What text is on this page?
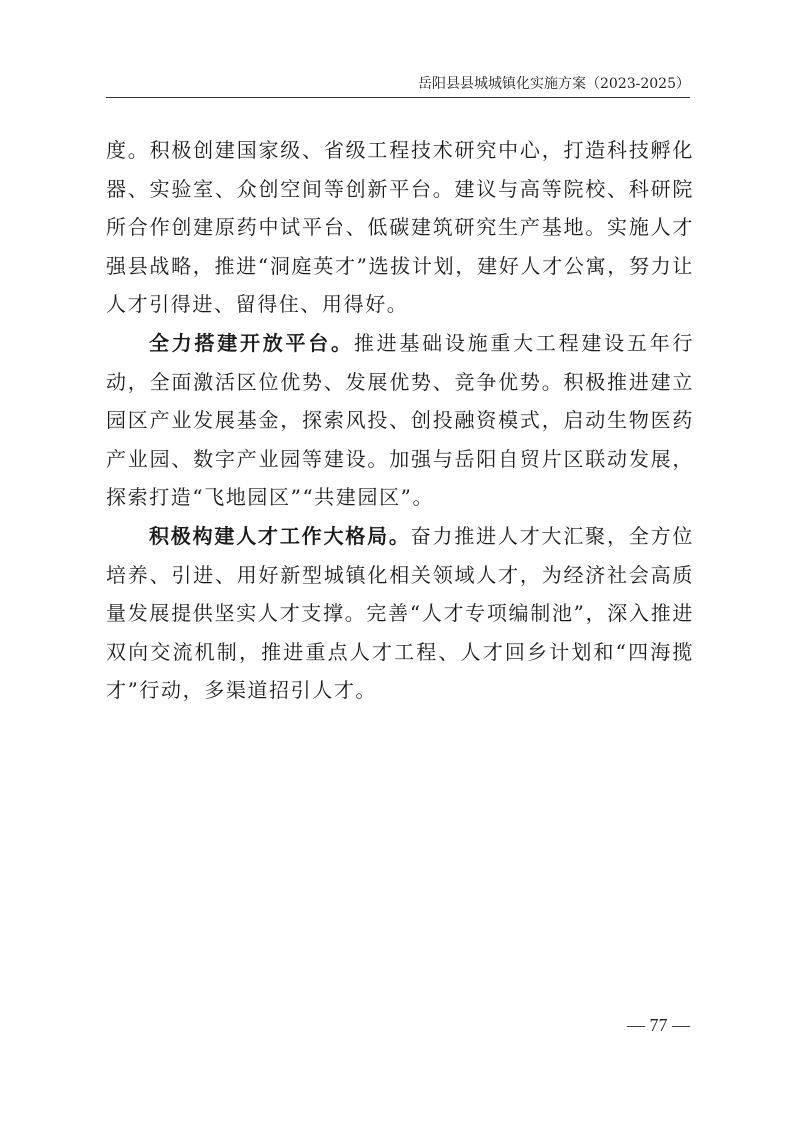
岳阳县县城城镇化实施方案（2023-2025）

度。积极创建国家级、省级工程技术研究中心，打造科技孵化器、实验室、众创空间等创新平台。建议与高等院校、科研院所合作创建原药中试平台、低碳建筑研究生产基地。实施人才强县战略，推进“洞庭英才”选拔计划，建好人才公寓，努力让人才引得进、留得住、用得好。

全力搭建开放平台。推进基础设施重大工程建设五年行动，全面激活区位优势、发展优势、竞争优势。积极推进建立园区产业发展基金，探索风投、创投融资模式，启动生物医药产业园、数字产业园等建设。加强与岳阳自贸片区联动发展，探索打造“飞地园区”“共建园区”。

积极构建人才工作大格局。奋力推进人才大汇聚，全方位培养、引进、用好新型城镇化相关领域人才，为经济社会高质量发展提供坚实人才支撑。完善“人才专项编制池”，深入推进双向交流机制，推进重点人才工程、人才回乡计划和“四海揽才”行动，多渠道招引人才。

— 77 —
